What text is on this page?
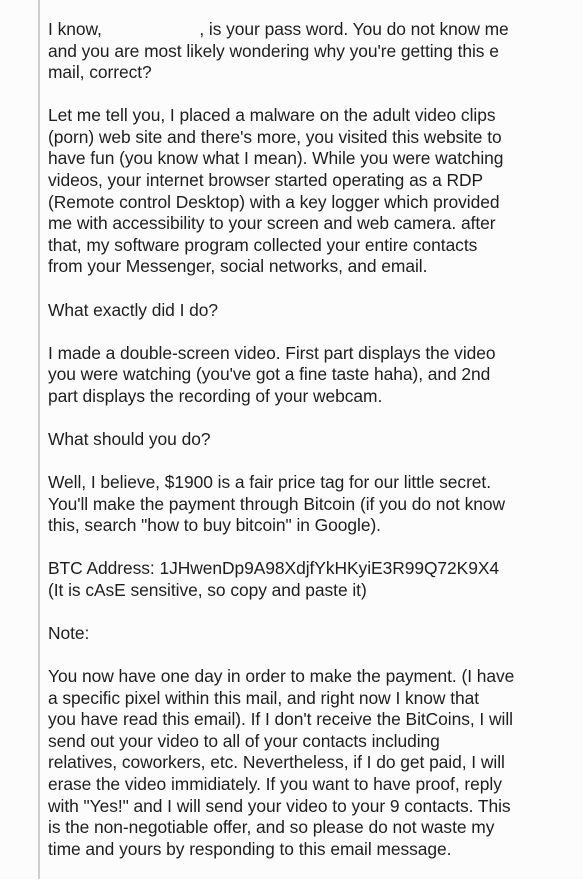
I know,	, is your pass word. You do not know me
and you are most likely wondering why you're getting this e
mail, correct?

Let me tell you, I placed a malware on the adult video clips
(porn) web site and there's more, you visited this website to
have fun (you know what I mean). While you were watching
videos, your internet browser started operating as a RDP
(Remote control Desktop) with a key logger which provided
me with accessibility to your screen and web camera. after
that, my software program collected your entire contacts
from your Messenger, social networks, and email.

What exactly did I do?

I made a double-screen video. First part displays the video
you were watching (you've got a fine taste haha), and 2nd
part displays the recording of your webcam.

What should you do?

Well, I believe, $1900 is a fair price tag for our little secret.
You'll make the payment through Bitcoin (if you do not know
this, search "how to buy bitcoin" in Google).

BTC Address: 1JHwenDp9A98XdjfYkHKyiE3R99Q72K9X4
(It is cAsE sensitive, so copy and paste it)

Note:

You now have one day in order to make the payment. (I have
a specific pixel within this mail, and right now I know that
you have read this email). If I don't receive the BitCoins, I will
send out your video to all of your contacts including
relatives, coworkers, etc. Nevertheless, if I do get paid, I will
erase the video immidiately. If you want to have proof, reply
with "Yes!" and I will send your video to your 9 contacts. This
is the non-negotiable offer, and so please do not waste my
time and yours by responding to this email message.
